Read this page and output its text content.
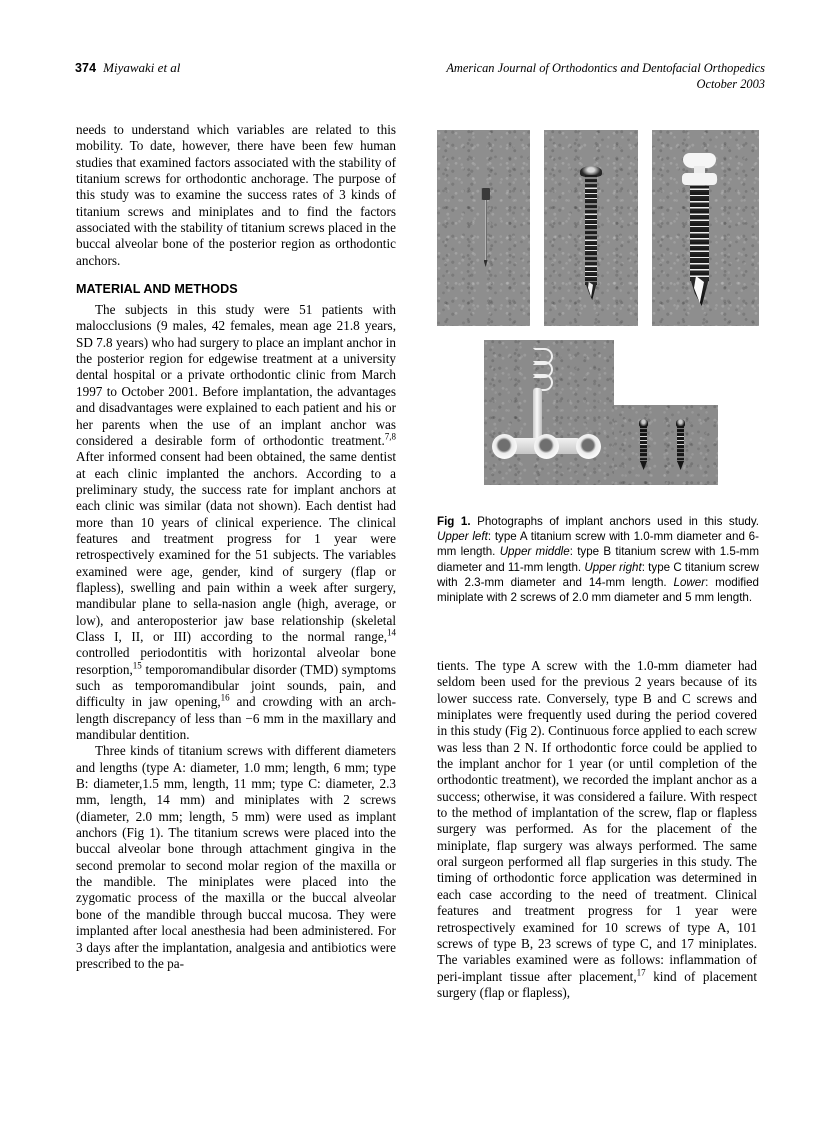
374 Miyawaki et al	American Journal of Orthodontics and Dentofacial Orthopedics
October 2003

needs to understand which variables are related to this mobility. To date, however, there have been few human studies that examined factors associated with the stability of titanium screws for orthodontic anchorage. The purpose of this study was to examine the success rates of 3 kinds of titanium screws and miniplates and to find the factors associated with the stability of titanium screws placed in the buccal alveolar bone of the posterior region as orthodontic anchors.

MATERIAL AND METHODS

The subjects in this study were 51 patients with malocclusions (9 males, 42 females, mean age 21.8 years, SD 7.8 years) who had surgery to place an implant anchor in the posterior region for edgewise treatment at a university dental hospital or a private orthodontic clinic from March 1997 to October 2001. Before implantation, the advantages and disadvantages were explained to each patient and his or her parents when the use of an implant anchor was considered a desirable form of orthodontic treatment.$^{7,8}$ After informed consent had been obtained, the same dentist at each clinic implanted the anchors. According to a preliminary study, the success rate for implant anchors at each clinic was similar (data not shown). Each dentist had more than 10 years of clinical experience. The clinical features and treatment progress for 1 year were retrospectively examined for the 51 subjects. The variables examined were age, gender, kind of surgery (flap or flapless), swelling and pain within a week after surgery, mandibular plane to sella-nasion angle (high, average, or low), and anteroposterior jaw base relationship (skeletal Class I, II, or III) according to the normal range,$^{14}$ controlled periodontitis with horizontal alveolar bone resorption,$^{15}$ temporomandibular disorder (TMD) symptoms such as temporomandibular joint sounds, pain, and difficulty in jaw opening,$^{16}$ and crowding with an arch-length discrepancy of less than −6 mm in the maxillary and mandibular dentition.

Three kinds of titanium screws with different diameters and lengths (type A: diameter, 1.0 mm; length, 6 mm; type B: diameter,1.5 mm, length, 11 mm; type C: diameter, 2.3 mm, length, 14 mm) and miniplates with 2 screws (diameter, 2.0 mm; length, 5 mm) were used as implant anchors (Fig 1). The titanium screws were placed into the buccal alveolar bone through attachment gingiva in the second premolar to second molar region of the maxilla or the mandible. The miniplates were placed into the zygomatic process of the maxilla or the buccal alveolar bone of the mandible through buccal mucosa. They were implanted after local anesthesia had been administered. For 3 days after the implantation, analgesia and antibiotics were prescribed to the pa-

Fig 1. Photographs of implant anchors used in this study. Upper left: type A titanium screw with 1.0-mm diameter and 6-mm length. Upper middle: type B titanium screw with 1.5-mm diameter and 11-mm length. Upper right: type C titanium screw with 2.3-mm diameter and 14-mm length. Lower: modified miniplate with 2 screws of 2.0 mm diameter and 5 mm length.

tients. The type A screw with the 1.0-mm diameter had seldom been used for the previous 2 years because of its lower success rate. Conversely, type B and C screws and miniplates were frequently used during the period covered in this study (Fig 2). Continuous force applied to each screw was less than 2 N. If orthodontic force could be applied to the implant anchor for 1 year (or until completion of the orthodontic treatment), we recorded the implant anchor as a success; otherwise, it was considered a failure. With respect to the method of implantation of the screw, flap or flapless surgery was performed. As for the placement of the miniplate, flap surgery was always performed. The same oral surgeon performed all flap surgeries in this study. The timing of orthodontic force application was determined in each case according to the need of treatment. Clinical features and treatment progress for 1 year were retrospectively examined for 10 screws of type A, 101 screws of type B, 23 screws of type C, and 17 miniplates. The variables examined were as follows: inflammation of peri-implant tissue after placement,$^{17}$ kind of placement surgery (flap or flapless),
